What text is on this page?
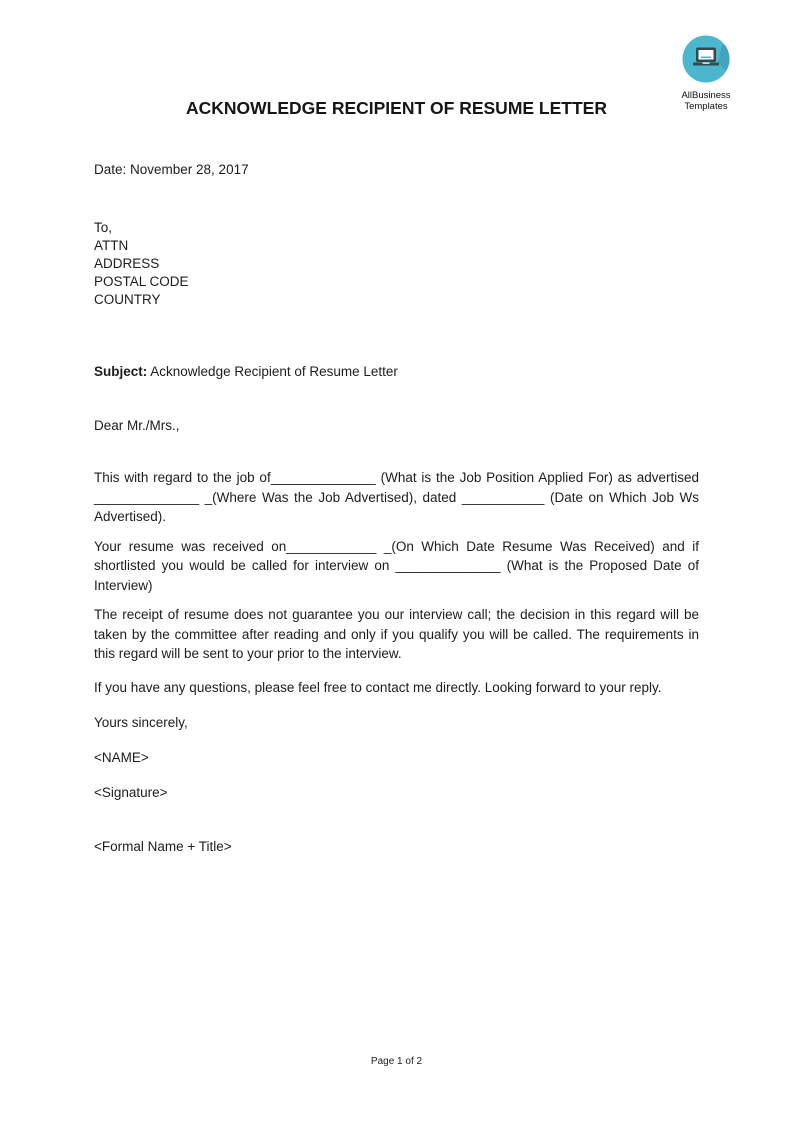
AllBusiness
Templates
ACKNOWLEDGE RECIPIENT OF RESUME LETTER
Date: November 28, 2017
To,
ATTN
ADDRESS
POSTAL CODE
COUNTRY
Subject: Acknowledge Recipient of Resume Letter
Dear Mr./Mrs.,

This with regard to the job of______________ (What is the Job Position Applied For) as advertised ______________ _(Where Was the Job Advertised), dated ___________ (Date on Which Job Ws Advertised).

Your resume was received on____________ _(On Which Date Resume Was Received) and if shortlisted you would be called for interview on ______________ (What is the Proposed Date of Interview)

The receipt of resume does not guarantee you our interview call; the decision in this regard will be taken by the committee after reading and only if you qualify you will be called. The requirements in this regard will be sent to your prior to the interview.

If you have any questions, please feel free to contact me directly. Looking forward to your reply.

Yours sincerely,
<NAME>
<Signature>
<Formal Name + Title>
Page 1 of 2
